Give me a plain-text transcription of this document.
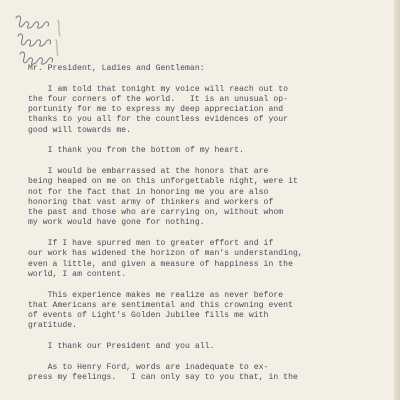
Mr. President, Ladies and Gentleman:
I am told that tonight my voice will reach out to
the four corners of the world.   It is an unusual op-
portunity for me to express my deep appreciation and
thanks to you all for the countless evidences of your
good will towards me.
I thank you from the bottom of my heart.
I would be embarrassed at the honors that are
being heaped on me on this unforgettable night, were it
not for the fact that in honoring me you are also
honoring that vast army of thinkers and workers of
the past and those who are carrying on, without whom
my work would have gone for nothing.
If I have spurred men to greater effort and if
our work has widened the horizon of man's understanding,
even a little, and given a measure of happiness in the
world, I am content.
This experience makes me realize as never before
that Americans are sentimental and this crowning event
of events of Light's Golden Jubilee fills me with
gratitude.
I thank our President and you all.
As to Henry Ford, words are inadequate to ex-
press my feelings.   I can only say to you that, in the
